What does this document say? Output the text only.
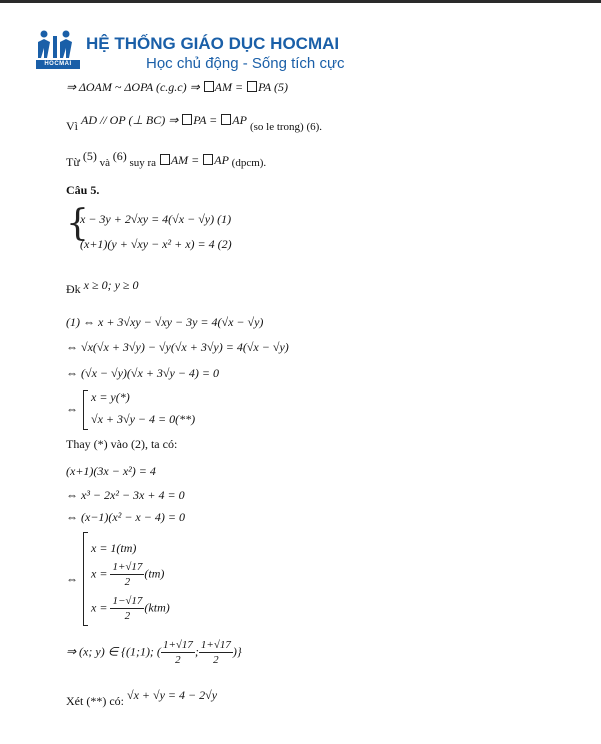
HOCMAI
HỆ THỐNG GIÁO DỤC HOCMAI
Học chủ động - Sống tích cực
⇒ ΔOAM ~ ΔOPA (c.g.c) ⇒ AM = PA (5)
Vì AD // OP (⊥ BC) ⇒ PA = AP (so le trong) (6).
Từ (5) và (6) suy ra AM = AP (dpcm).
Câu 5.
{
x − 3y + 2√xy = 4(√x − √y) (1)
(x+1)(y + √xy − x² + x) = 4 (2)
Đk x ≥ 0; y ≥ 0
(1) ⇔ x + 3√xy − √xy − 3y = 4(√x − √y)
⇔ √x(√x + 3√y) − √y(√x + 3√y) = 4(√x − √y)
⇔ (√x − √y)(√x + 3√y − 4) = 0
⇔
x = y(*)
√x + 3√y − 4 = 0(**)
Thay (*) vào (2), ta có:
(x+1)(3x − x²) = 4
⇔ x³ − 2x² − 3x + 4 = 0
⇔ (x−1)(x² − x − 4) = 0
⇔
x = 1(tm)
$x = \frac{1+√17}{2} (tm)$
$x = \frac{1-√17}{2} (ktm)$
⇒ (x; y) ∈ {(1;1); ( $\frac{1+√17}{2}$ ; $\frac{1+√17}{2}$ )}
Xét (**) có: √x + √y = 4 − 2√y
